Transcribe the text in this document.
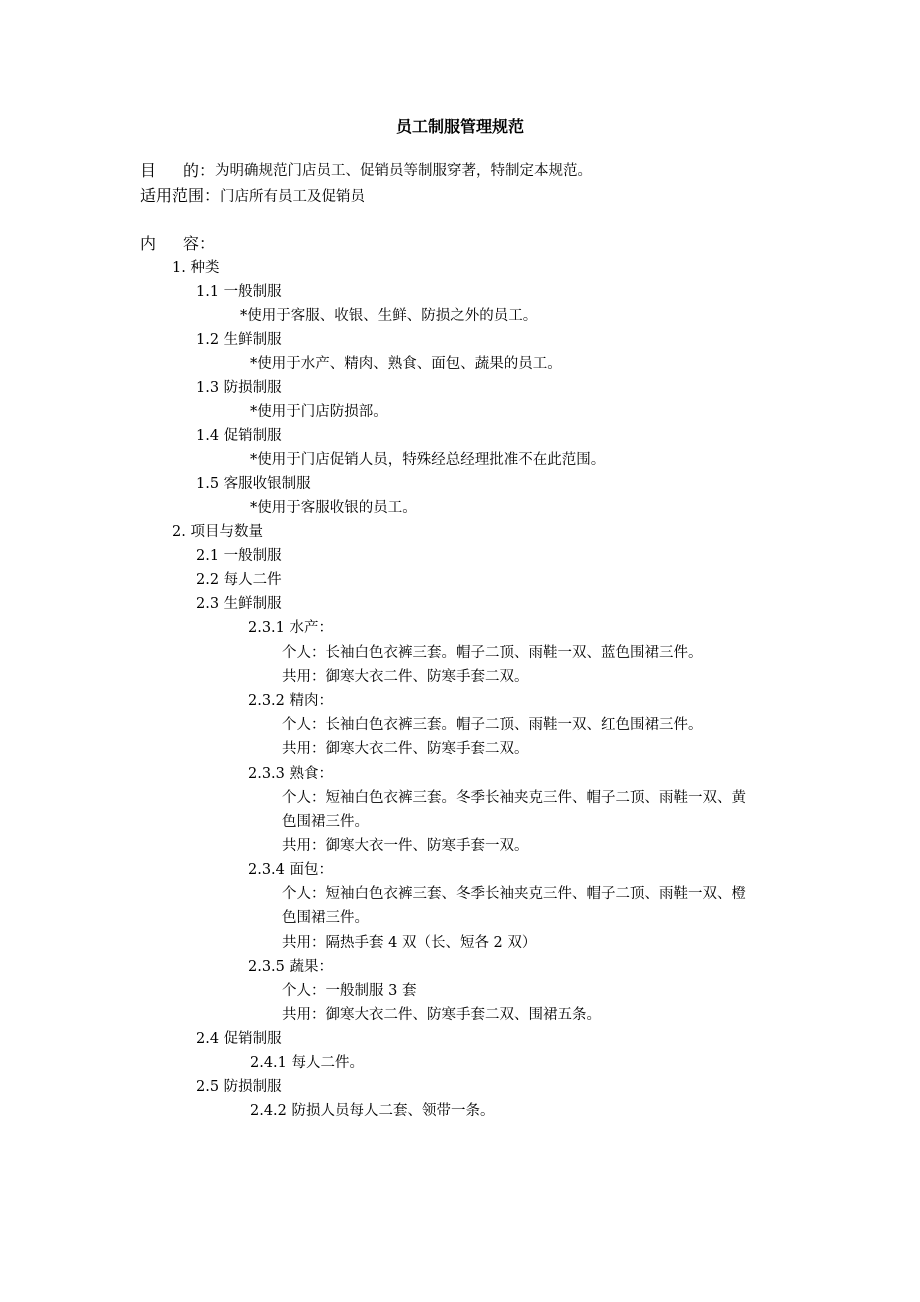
员工制服管理规范
目 的： 为明确规范门店员工、促销员等制服穿著，特制定本规范。
适用范围：门店所有员工及促销员
内 容：
1. 种类
1.1 一般制服
*使用于客服、收银、生鲜、防损之外的员工。
1.2 生鲜制服
*使用于水产、精肉、熟食、面包、蔬果的员工。
1.3 防损制服
*使用于门店防损部。
1.4 促销制服
*使用于门店促销人员，特殊经总经理批准不在此范围。
1.5 客服收银制服
*使用于客服收银的员工。
2. 项目与数量
2.1 一般制服
2.2 每人二件
2.3 生鲜制服
2.3.1 水产：
个人：长袖白色衣裤三套。帽子二顶、雨鞋一双、蓝色围裙三件。
共用：御寒大衣二件、防寒手套二双。
2.3.2 精肉：
个人：长袖白色衣裤三套。帽子二顶、雨鞋一双、红色围裙三件。
共用：御寒大衣二件、防寒手套二双。
2.3.3 熟食：
个人：短袖白色衣裤三套。冬季长袖夹克三件、帽子二顶、雨鞋一双、黄
色围裙三件。
共用：御寒大衣一件、防寒手套一双。
2.3.4 面包：
个人：短袖白色衣裤三套、冬季长袖夹克三件、帽子二顶、雨鞋一双、橙
色围裙三件。
共用：隔热手套 4 双（长、短各 2 双）
2.3.5 蔬果：
个人：一般制服 3 套
共用：御寒大衣二件、防寒手套二双、围裙五条。
2.4 促销制服
2.4.1 每人二件。
2.5 防损制服
2.4.2 防损人员每人二套、领带一条。
